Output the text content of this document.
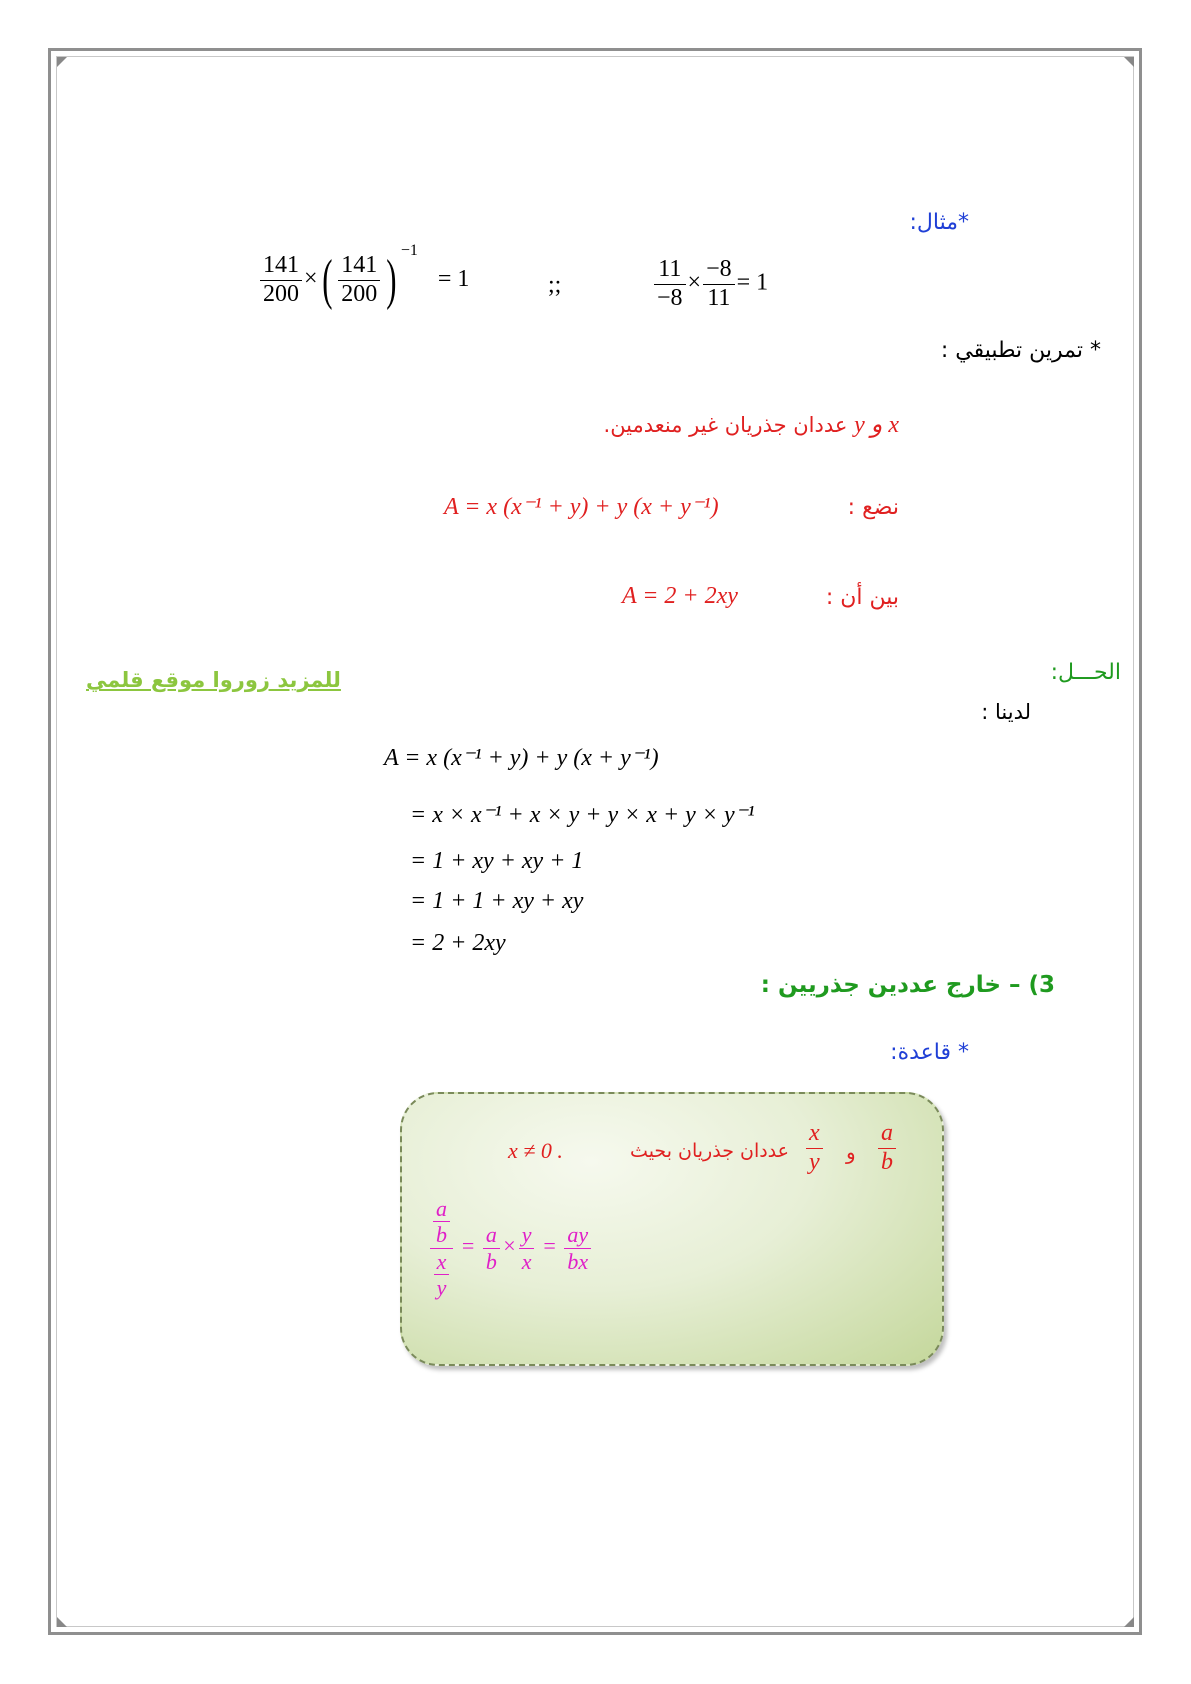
*مثال:
$\frac{141}{200}$ ×( $\frac{141}{200}$ ) $^{-1}$ = 1	;;	$\frac{11}{-8} \times \frac{-8}{11} = 1$
* تمرين تطبيقي :
x و y عددان جذريان غير منعدمين.
نضع :
A = x (x⁻¹ + y) + y (x + y⁻¹)
بين أن :
A = 2 + 2xy
الحـــل:
للمزيد زوروا موقع قلمي
لدينا :
A = x (x⁻¹ + y) + y (x + y⁻¹)
= x × x⁻¹ + x × y + y × x + y × y⁻¹
= 1 + xy + xy + 1
= 1 + 1 + xy + xy
= 2 + 2xy
3) – خارج عددين جذريين :
* قاعدة:
$\frac{a}{b}$
و
$\frac{x}{y}$
عددان جذريان بحيث
x ≠ 0 .
$\frac{\frac{a}{b}}{\frac{x}{y}} = \frac{a}{b} \times \frac{y}{x} = \frac{ay}{bx}$
